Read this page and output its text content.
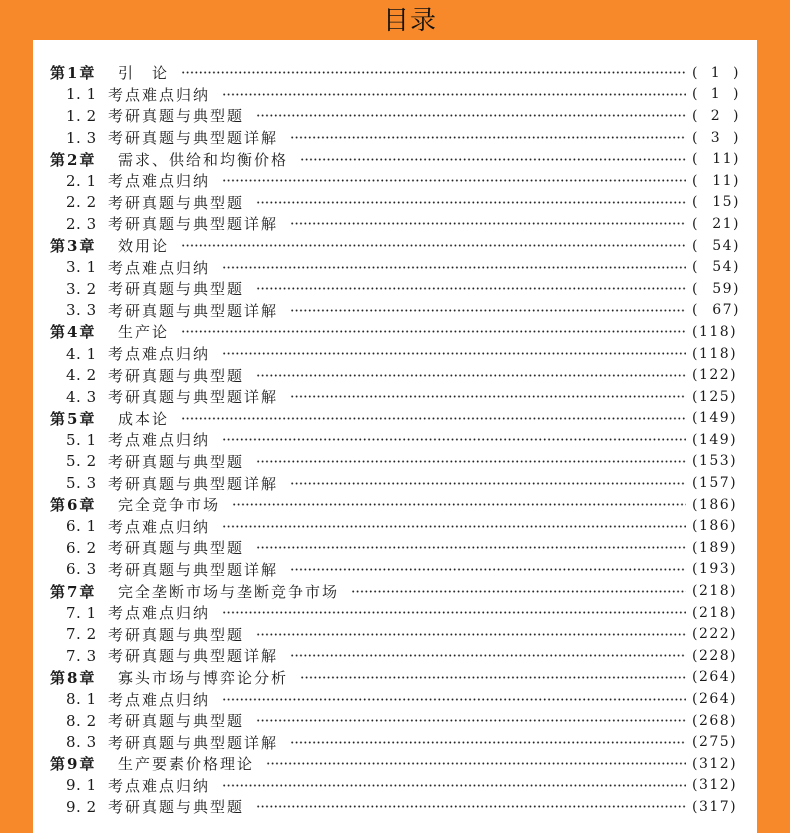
目录
第1章	引　论	( 1 )
1. 1 考点难点归纳	( 1 )
1. 2 考研真题与典型题	( 2 )
1. 3 考研真题与典型题详解	( 3 )
第2章	需求、供给和均衡价格	( 11)
2. 1 考点难点归纳	( 11)
2. 2 考研真题与典型题	( 15)
2. 3 考研真题与典型题详解	( 21)
第3章	效用论	( 54)
3. 1 考点难点归纳	( 54)
3. 2 考研真题与典型题	( 59)
3. 3 考研真题与典型题详解	( 67)
第4章	生产论	(118)
4. 1 考点难点归纳	(118)
4. 2 考研真题与典型题	(122)
4. 3 考研真题与典型题详解	(125)
第5章	成本论	(149)
5. 1 考点难点归纳	(149)
5. 2 考研真题与典型题	(153)
5. 3 考研真题与典型题详解	(157)
第6章	完全竞争市场	(186)
6. 1 考点难点归纳	(186)
6. 2 考研真题与典型题	(189)
6. 3 考研真题与典型题详解	(193)
第7章	完全垄断市场与垄断竞争市场	(218)
7. 1 考点难点归纳	(218)
7. 2 考研真题与典型题	(222)
7. 3 考研真题与典型题详解	(228)
第8章	寡头市场与博弈论分析	(264)
8. 1 考点难点归纳	(264)
8. 2 考研真题与典型题	(268)
8. 3 考研真题与典型题详解	(275)
第9章	生产要素价格理论	(312)
9. 1 考点难点归纳	(312)
9. 2 考研真题与典型题	(317)
